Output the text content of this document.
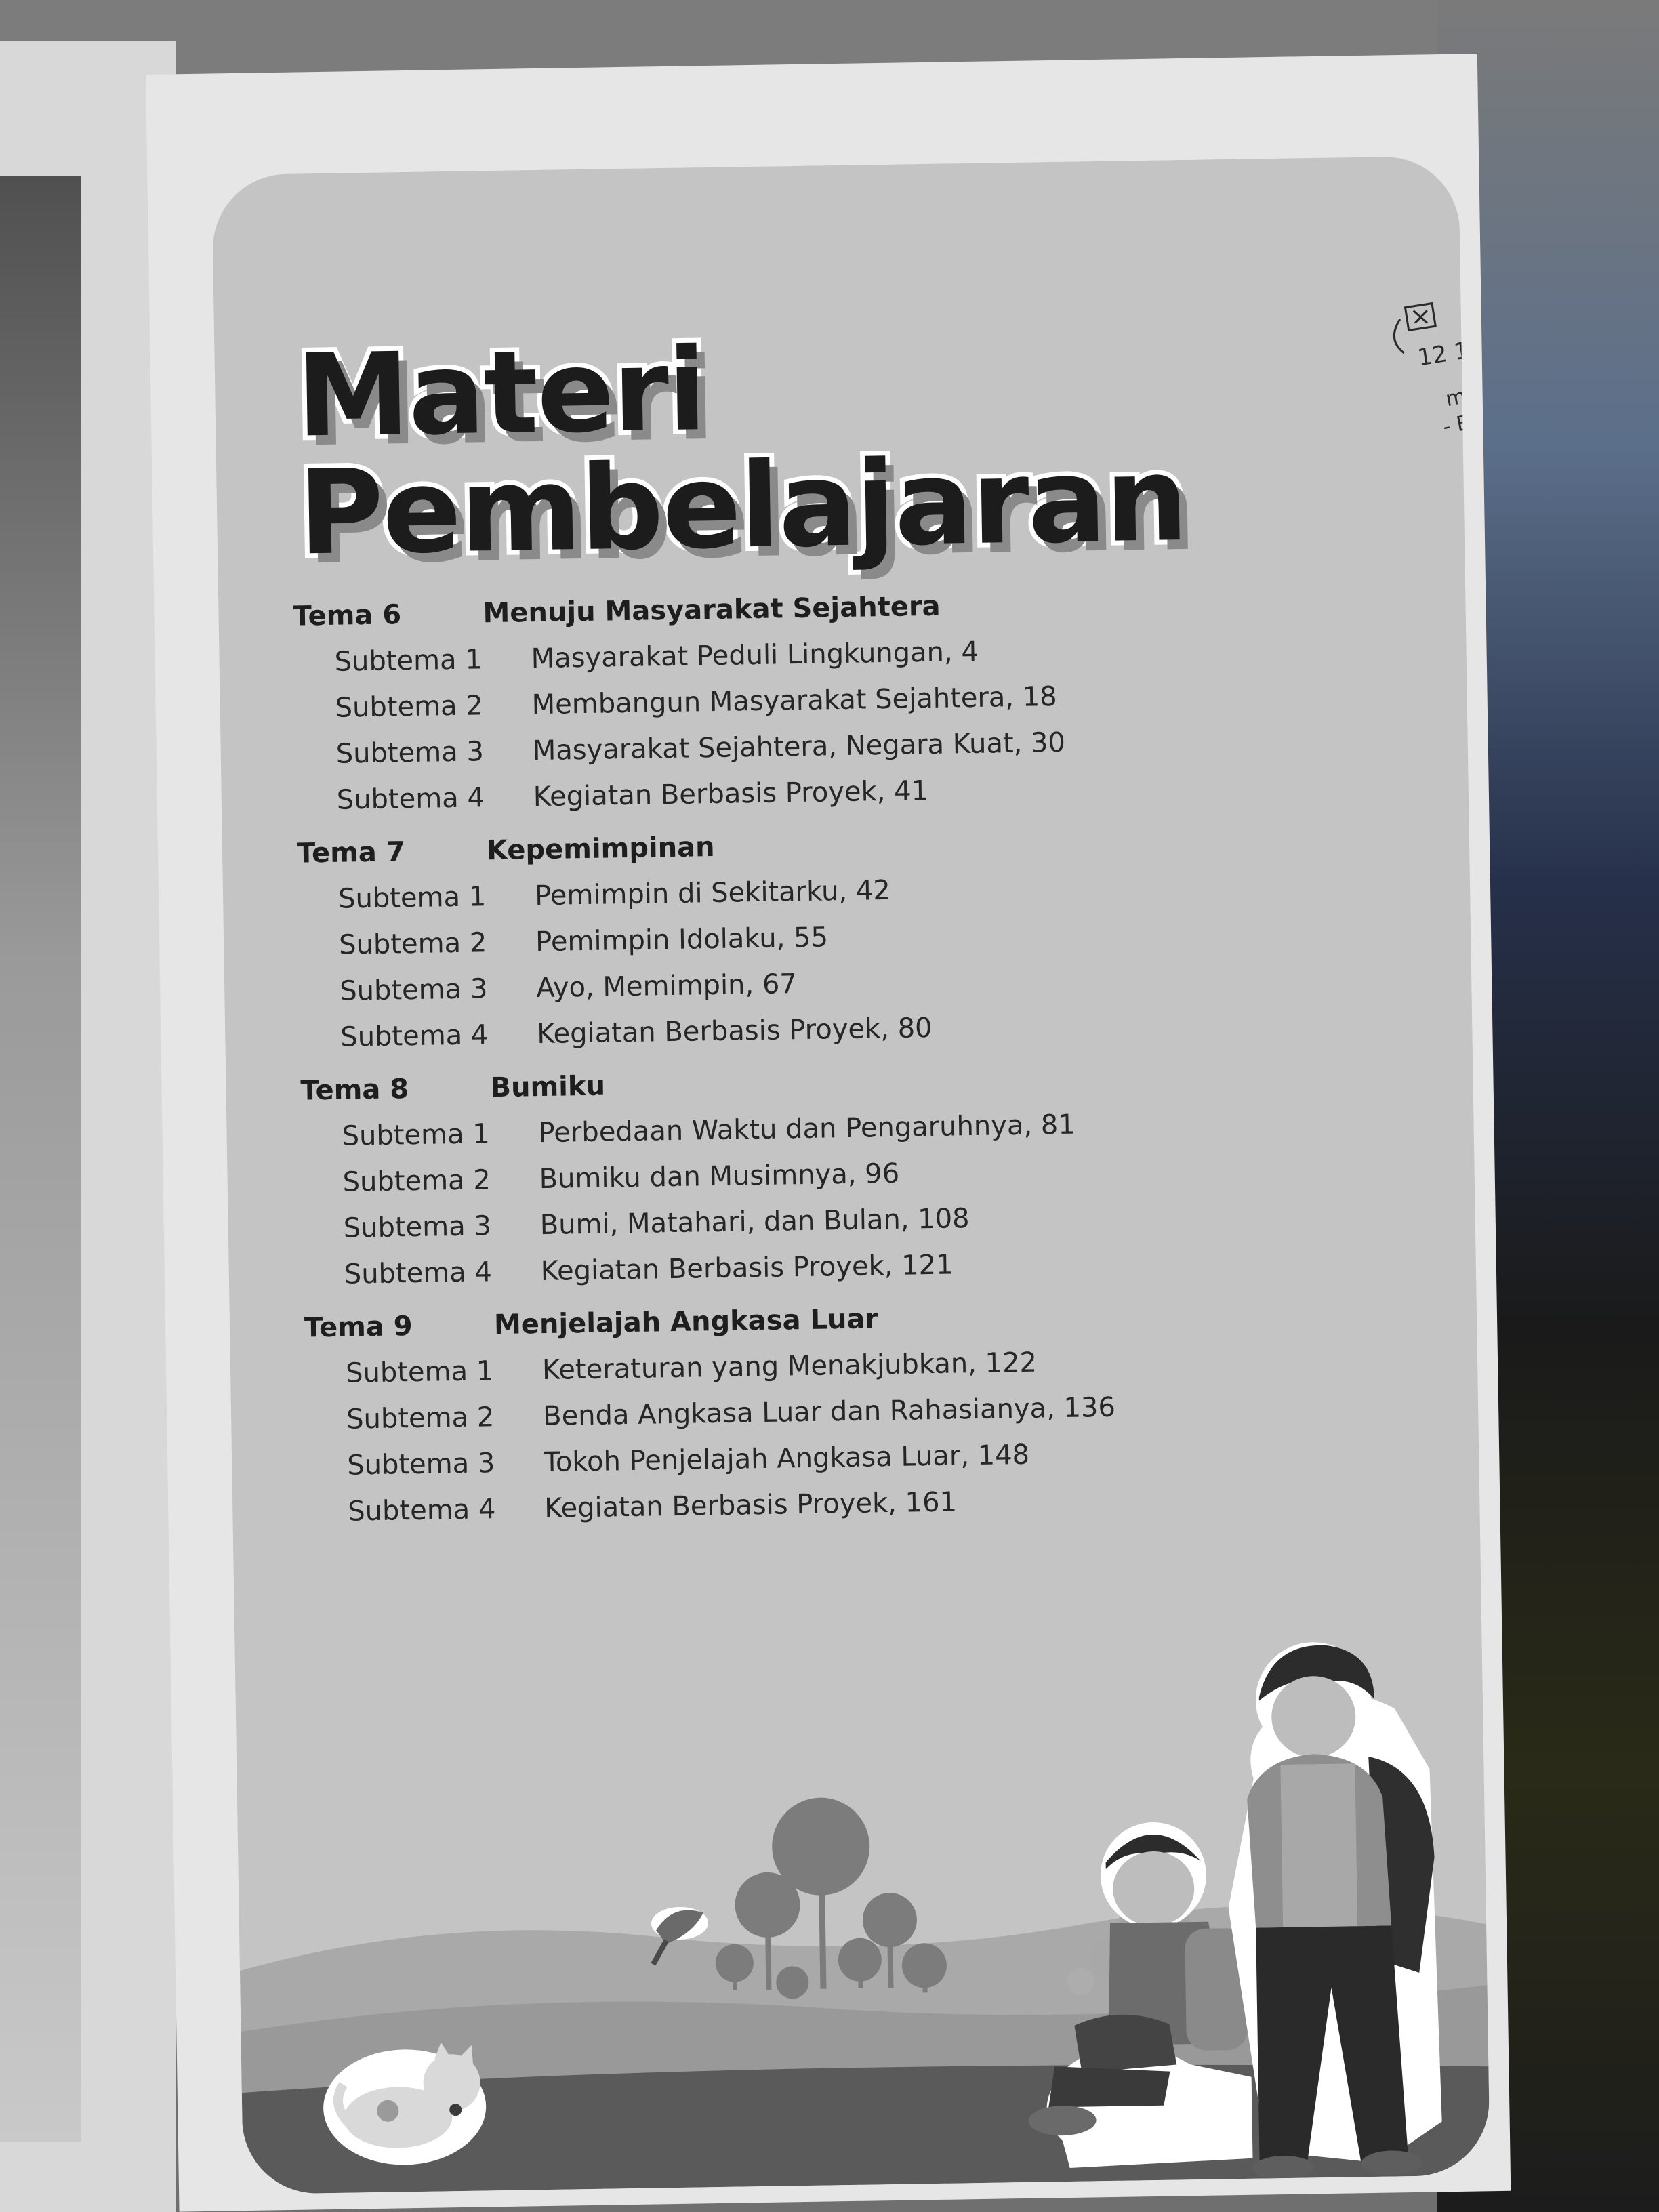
Materi
Pembelajaran
12 12
merah
- Bera
Tema 6	Menuju Masyarakat Sejahtera
Subtema 1 Masyarakat Peduli Lingkungan, 4
Subtema 2 Membangun Masyarakat Sejahtera, 18
Subtema 3 Masyarakat Sejahtera, Negara Kuat, 30
Subtema 4 Kegiatan Berbasis Proyek, 41
Tema 7	Kepemimpinan
Subtema 1 Pemimpin di Sekitarku, 42
Subtema 2 Pemimpin Idolaku, 55
Subtema 3 Ayo, Memimpin, 67
Subtema 4 Kegiatan Berbasis Proyek, 80
Tema 8	Bumiku
Subtema 1 Perbedaan Waktu dan Pengaruhnya, 81
Subtema 2 Bumiku dan Musimnya, 96
Subtema 3 Bumi, Matahari, dan Bulan, 108
Subtema 4 Kegiatan Berbasis Proyek, 121
Tema 9	Menjelajah Angkasa Luar
Subtema 1 Keteraturan yang Menakjubkan, 122
Subtema 2 Benda Angkasa Luar dan Rahasianya, 136
Subtema 3 Tokoh Penjelajah Angkasa Luar, 148
Subtema 4 Kegiatan Berbasis Proyek, 161
